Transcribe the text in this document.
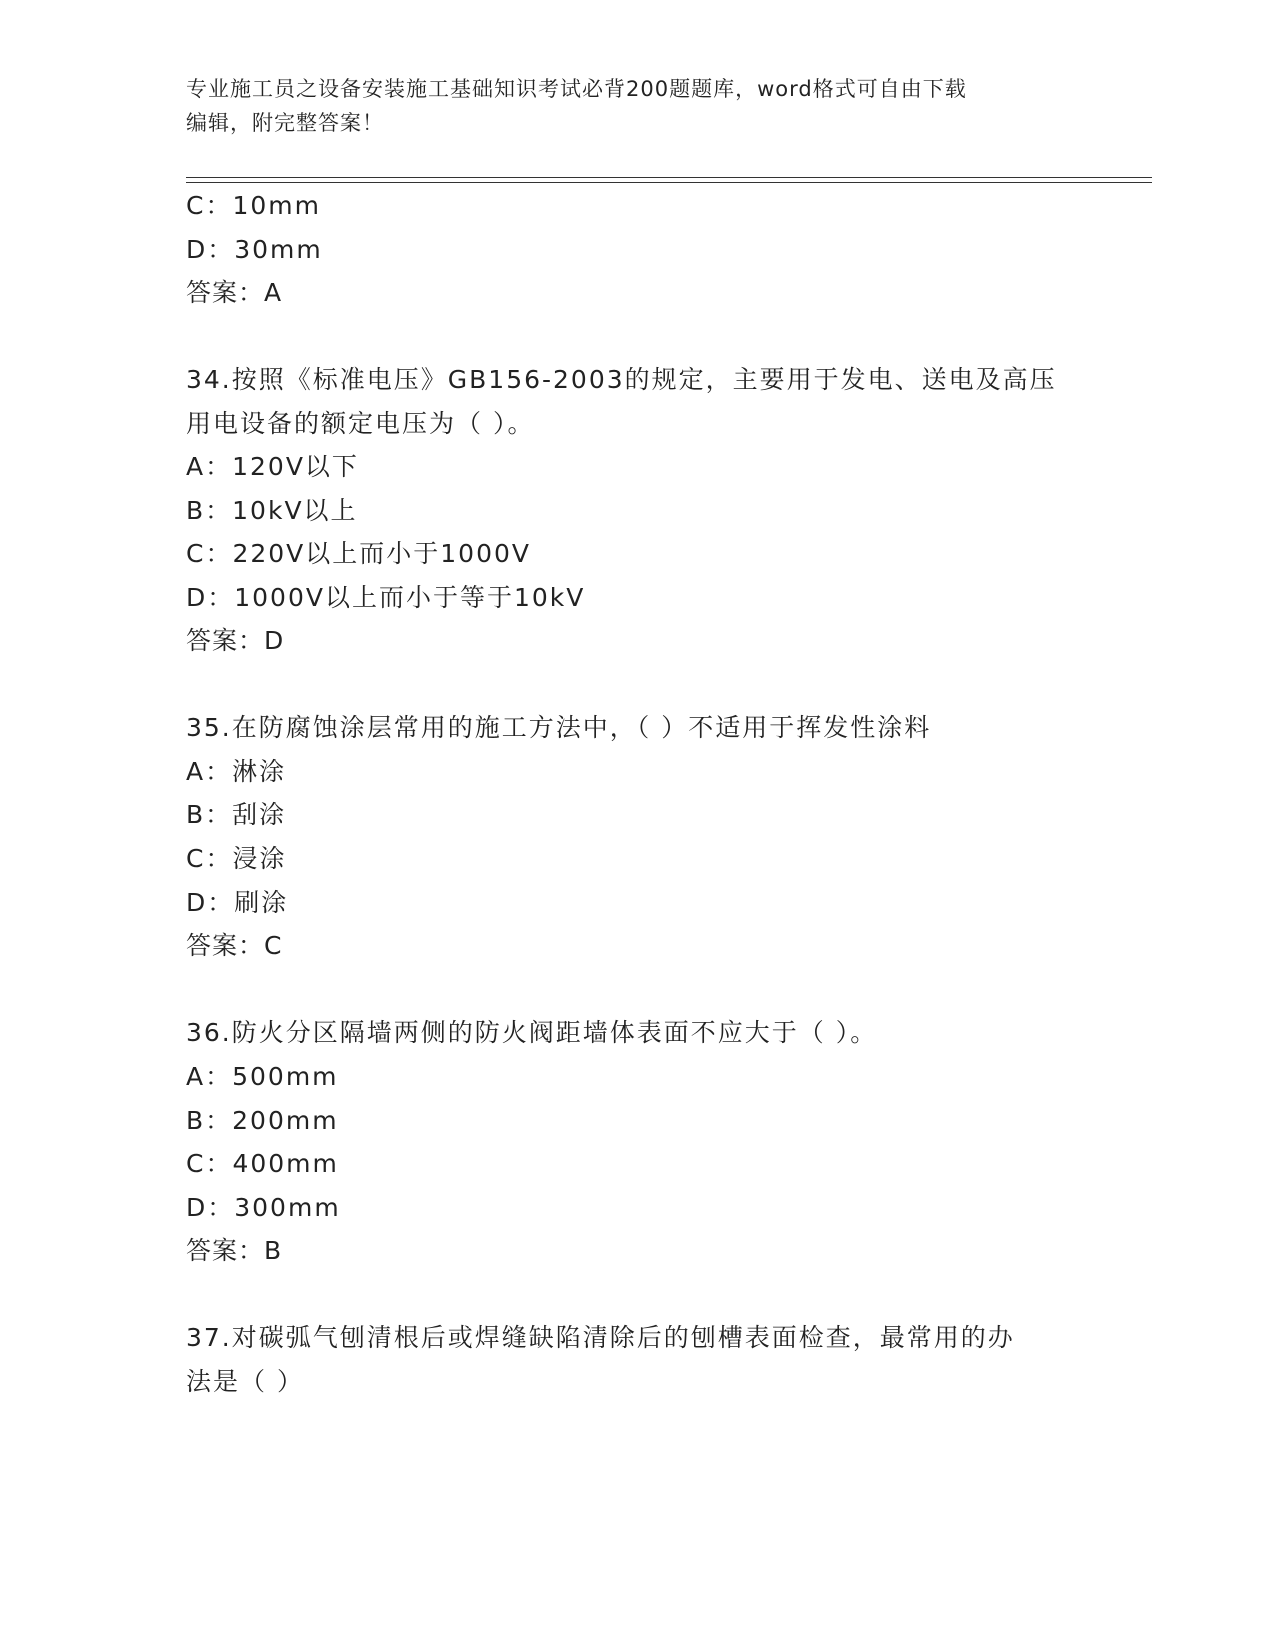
专业施工员之设备安装施工基础知识考试必背200题题库，word格式可自由下载
编辑，附完整答案！
C：10mm
D：30mm
答案：A
34.按照《标准电压》GB156-2003的规定，主要用于发电、送电及高压
用电设备的额定电压为（ ）。
A：120V以下
B：10kV以上
C：220V以上而小于1000V
D：1000V以上而小于等于10kV
答案：D
35.在防腐蚀涂层常用的施工方法中，（ ）不适用于挥发性涂料
A：淋涂
B：刮涂
C：浸涂
D：刷涂
答案：C
36.防火分区隔墙两侧的防火阀距墙体表面不应大于（ ）。
A：500mm
B：200mm
C：400mm
D：300mm
答案：B
37.对碳弧气刨清根后或焊缝缺陷清除后的刨槽表面检查，最常用的办
法是（ ）
